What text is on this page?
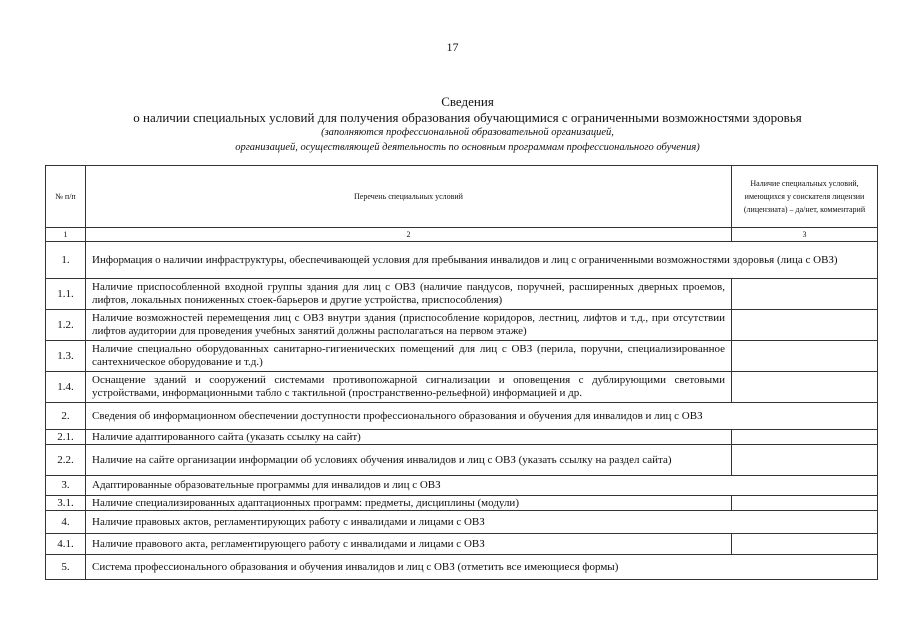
17
Сведения
о наличии специальных условий для получения образования обучающимися с ограниченными возможностями здоровья
(заполняются профессиональной образовательной организацией,
организацией, осуществляющей деятельность по основным программам профессионального обучения)
№ п/п	Перечень специальных условий	Наличие специальных условий, имеющихся у соискателя лицензии (лицензиата) – да/нет, комментарий
1	2	3
1.	Информация о наличии инфраструктуры, обеспечивающей условия для пребывания инвалидов и лиц с ограниченными возможностями здоровья (лица с ОВЗ)	
1.1.	Наличие приспособленной входной группы здания для лиц с ОВЗ (наличие пандусов, поручней, расширенных дверных проемов, лифтов, локальных пониженных стоек-барьеров и другие устройства, приспособления)	
1.2.	Наличие возможностей перемещения лиц с ОВЗ внутри здания (приспособление коридоров, лестниц, лифтов и т.д., при отсутствии лифтов аудитории для проведения учебных занятий должны располагаться на первом этаже)	
1.3.	Наличие специально оборудованных санитарно-гигиенических помещений для лиц с ОВЗ (перила, поручни, специализированное сантехническое оборудование и т.д.)	
1.4.	Оснащение зданий и сооружений системами противопожарной сигнализации и оповещения с дублирующими световыми устройствами, информационными табло с тактильной (пространственно-рельефной) информацией и др.	
2.	Сведения об информационном обеспечении доступности профессионального образования и обучения для инвалидов и лиц с ОВЗ	
2.1.	Наличие адаптированного сайта (указать ссылку на сайт)	
2.2.	Наличие на сайте организации информации об условиях обучения инвалидов и лиц с ОВЗ (указать ссылку на раздел сайта)	
3.	Адаптированные образовательные программы для инвалидов и лиц с ОВЗ	
3.1.	Наличие специализированных адаптационных программ: предметы, дисциплины (модули)	
4.	Наличие правовых актов, регламентирующих работу с инвалидами и лицами с ОВЗ	
4.1.	Наличие правового акта, регламентирующего работу с инвалидами и лицами с ОВЗ	
5.	Система профессионального образования и обучения инвалидов и лиц с ОВЗ (отметить все имеющиеся формы)	
